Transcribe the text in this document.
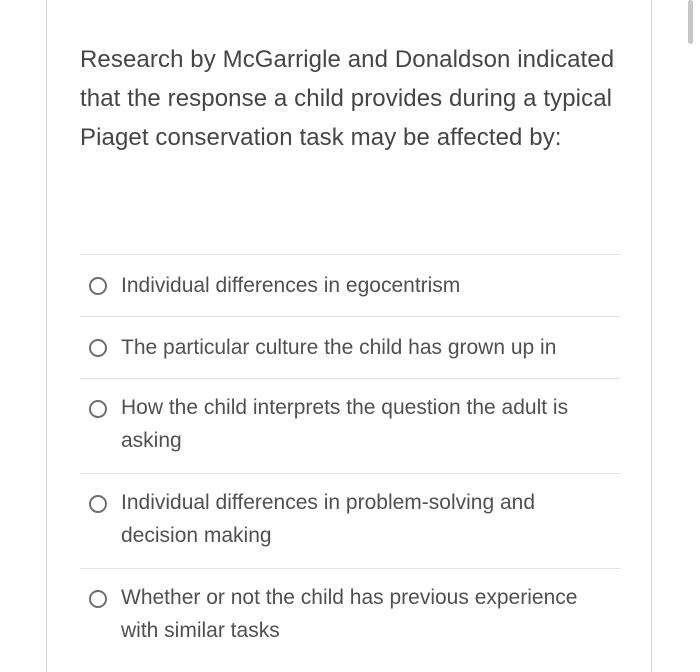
Research by McGarrigle and Donaldson indicated that the response a child provides during a typical Piaget conservation task may be affected by:
Individual differences in egocentrism
The particular culture the child has grown up in
How the child interprets the question the adult is asking
Individual differences in problem-solving and decision making
Whether or not the child has previous experience with similar tasks
